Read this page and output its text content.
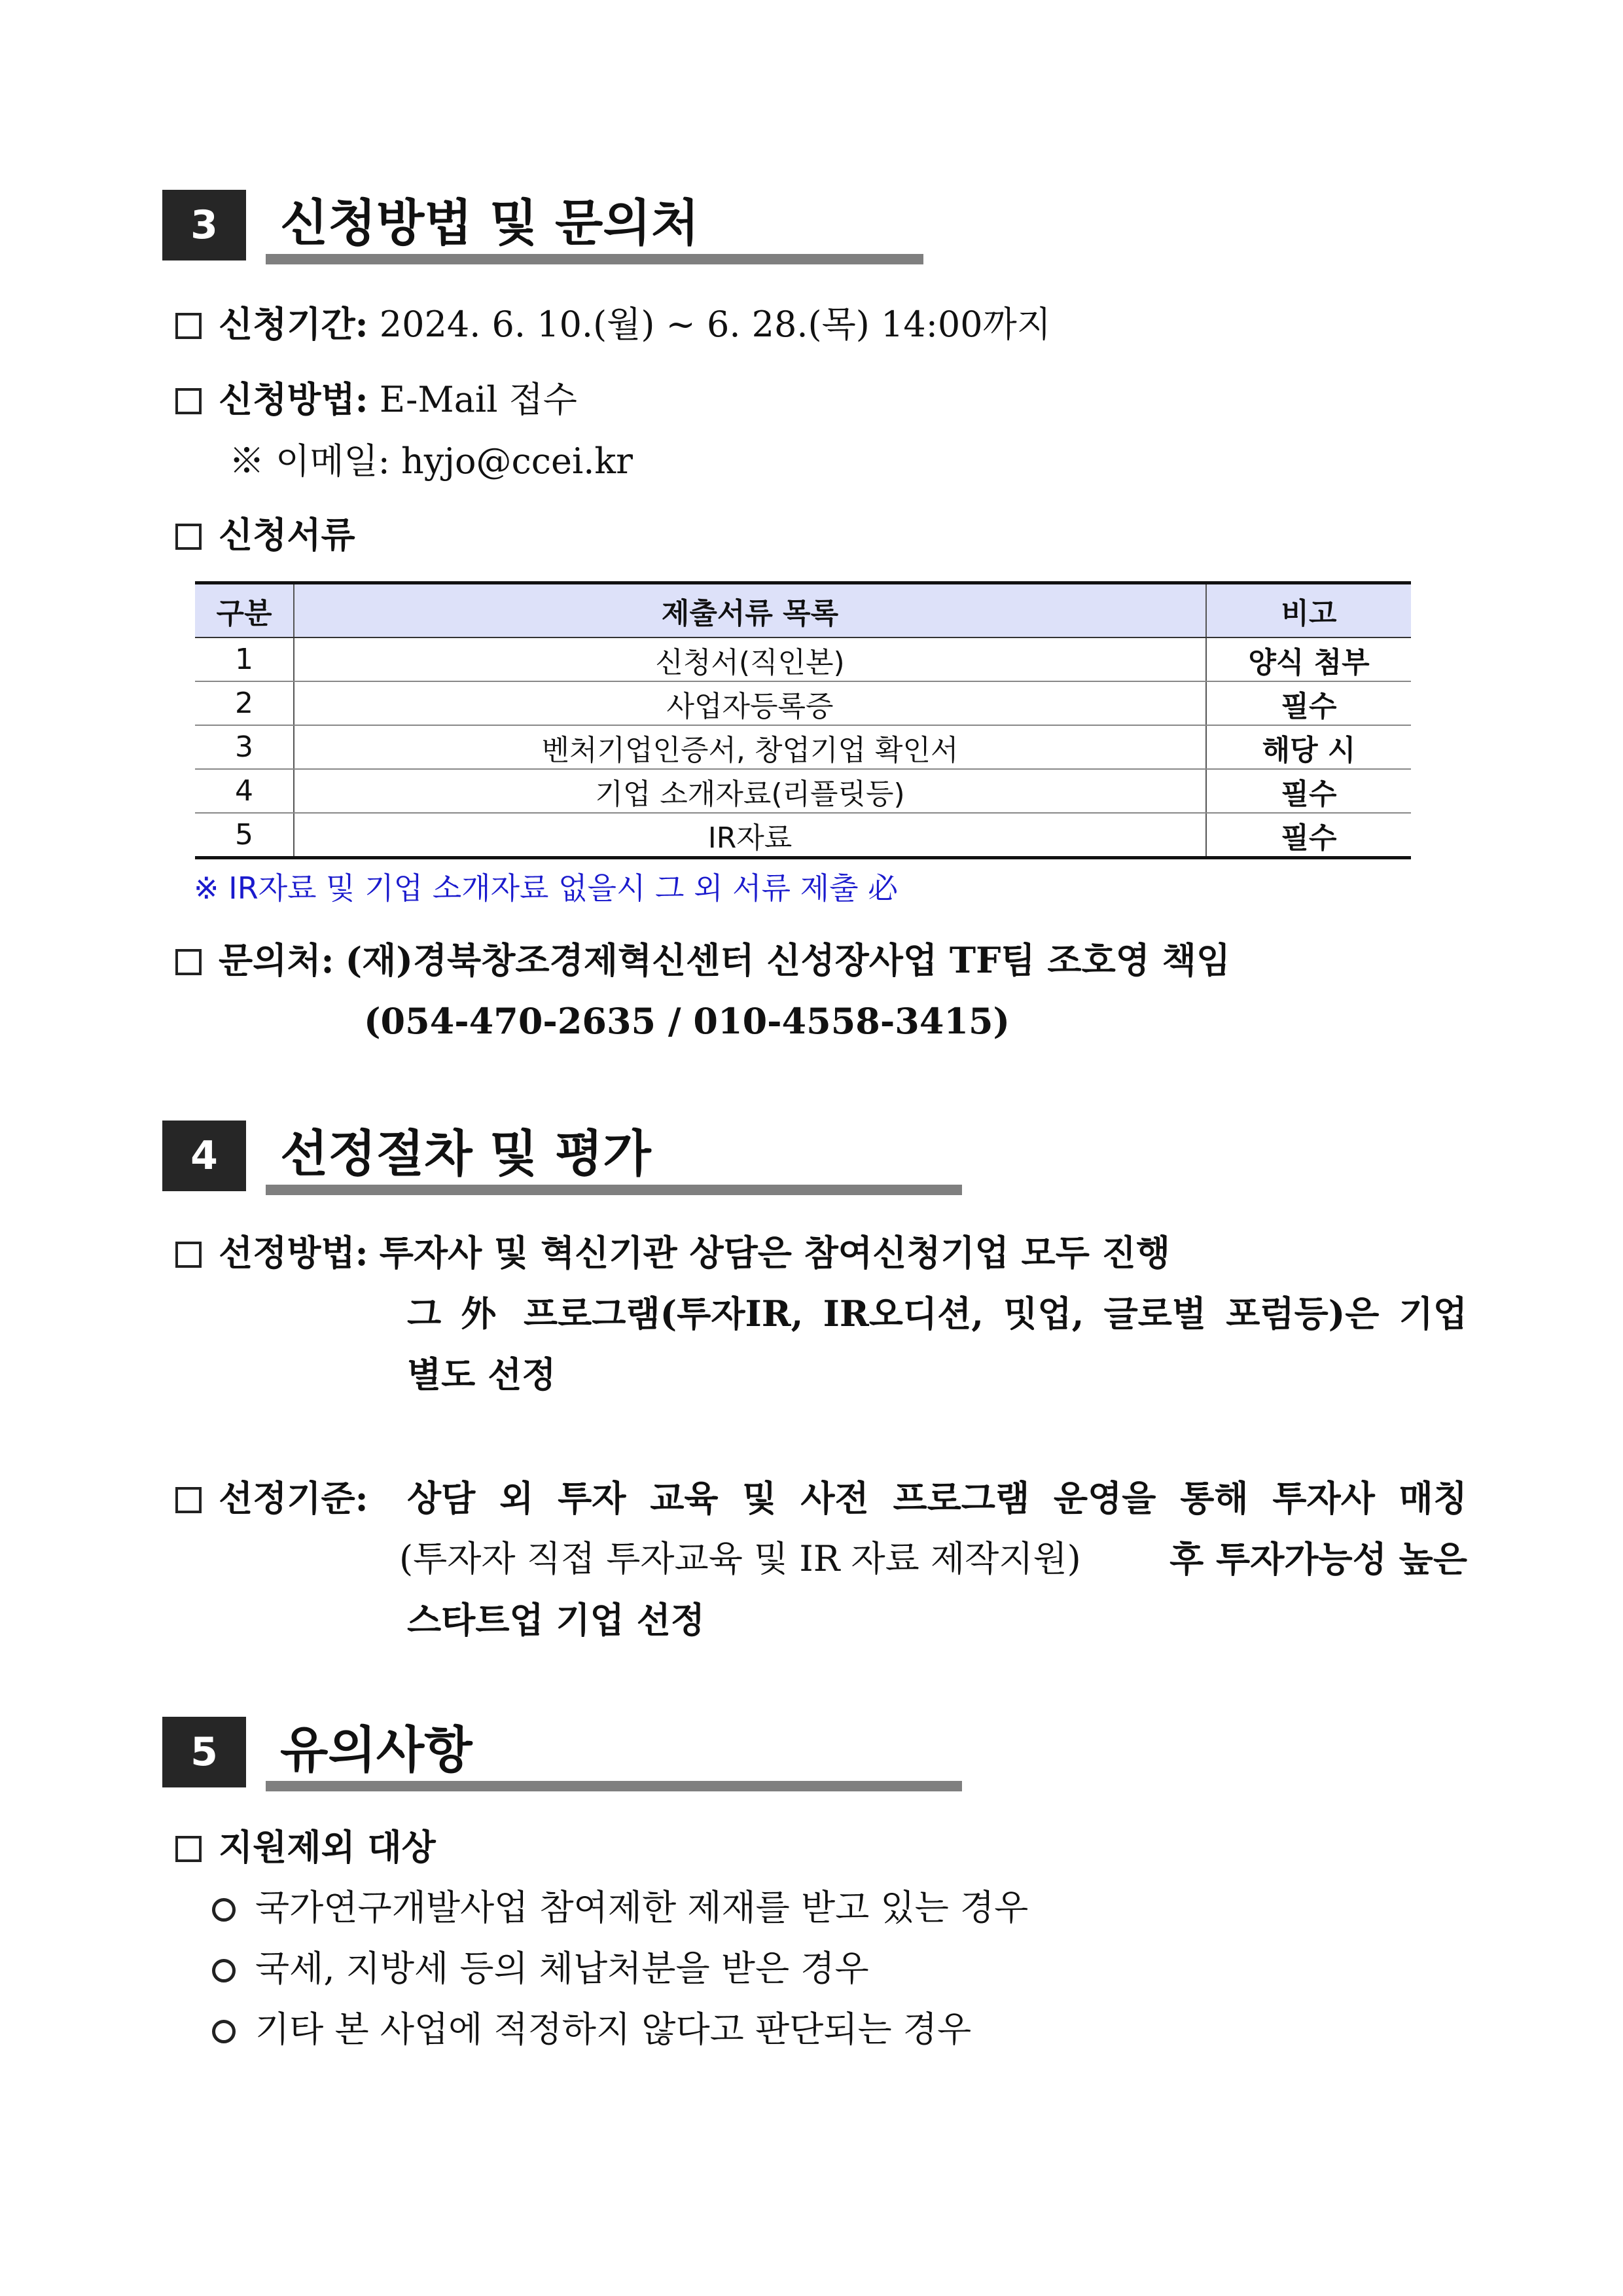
3	신청방법 및 문의처
신청기간: 2024. 6. 10.(월) ~ 6. 28.(목) 14:00까지
신청방법: E-Mail 접수
※ 이메일: hyjo@ccei.kr
신청서류
구분	제출서류 목록	비고
1	신청서(직인본)	양식 첨부
2	사업자등록증	필수
3	벤처기업인증서, 창업기업 확인서	해당 시
4	기업 소개자료(리플릿등)	필수
5	IR자료	필수
※ IR자료 및 기업 소개자료 없을시 그 외 서류 제출 必
문의처: (재)경북창조경제혁신센터 신성장사업 TF팀 조호영 책임
(054-470-2635 / 010-4558-3415)
4	선정절차 및 평가
선정방법: 투자사 및 혁신기관 상담은 참여신청기업 모두 진행
그 外 프로그램(투자IR, IR오디션, 밋업, 글로벌 포럼등)은 기업
별도 선정
선정기준:	상담 외 투자 교육 및 사전 프로그램 운영을 통해 투자사 매칭
(투자자 직접 투자교육 및 IR 자료 제작지원)	후 투자가능성 높은
스타트업 기업 선정
5	유의사항
지원제외 대상
국가연구개발사업 참여제한 제재를 받고 있는 경우
국세, 지방세 등의 체납처분을 받은 경우
기타 본 사업에 적정하지 않다고 판단되는 경우
